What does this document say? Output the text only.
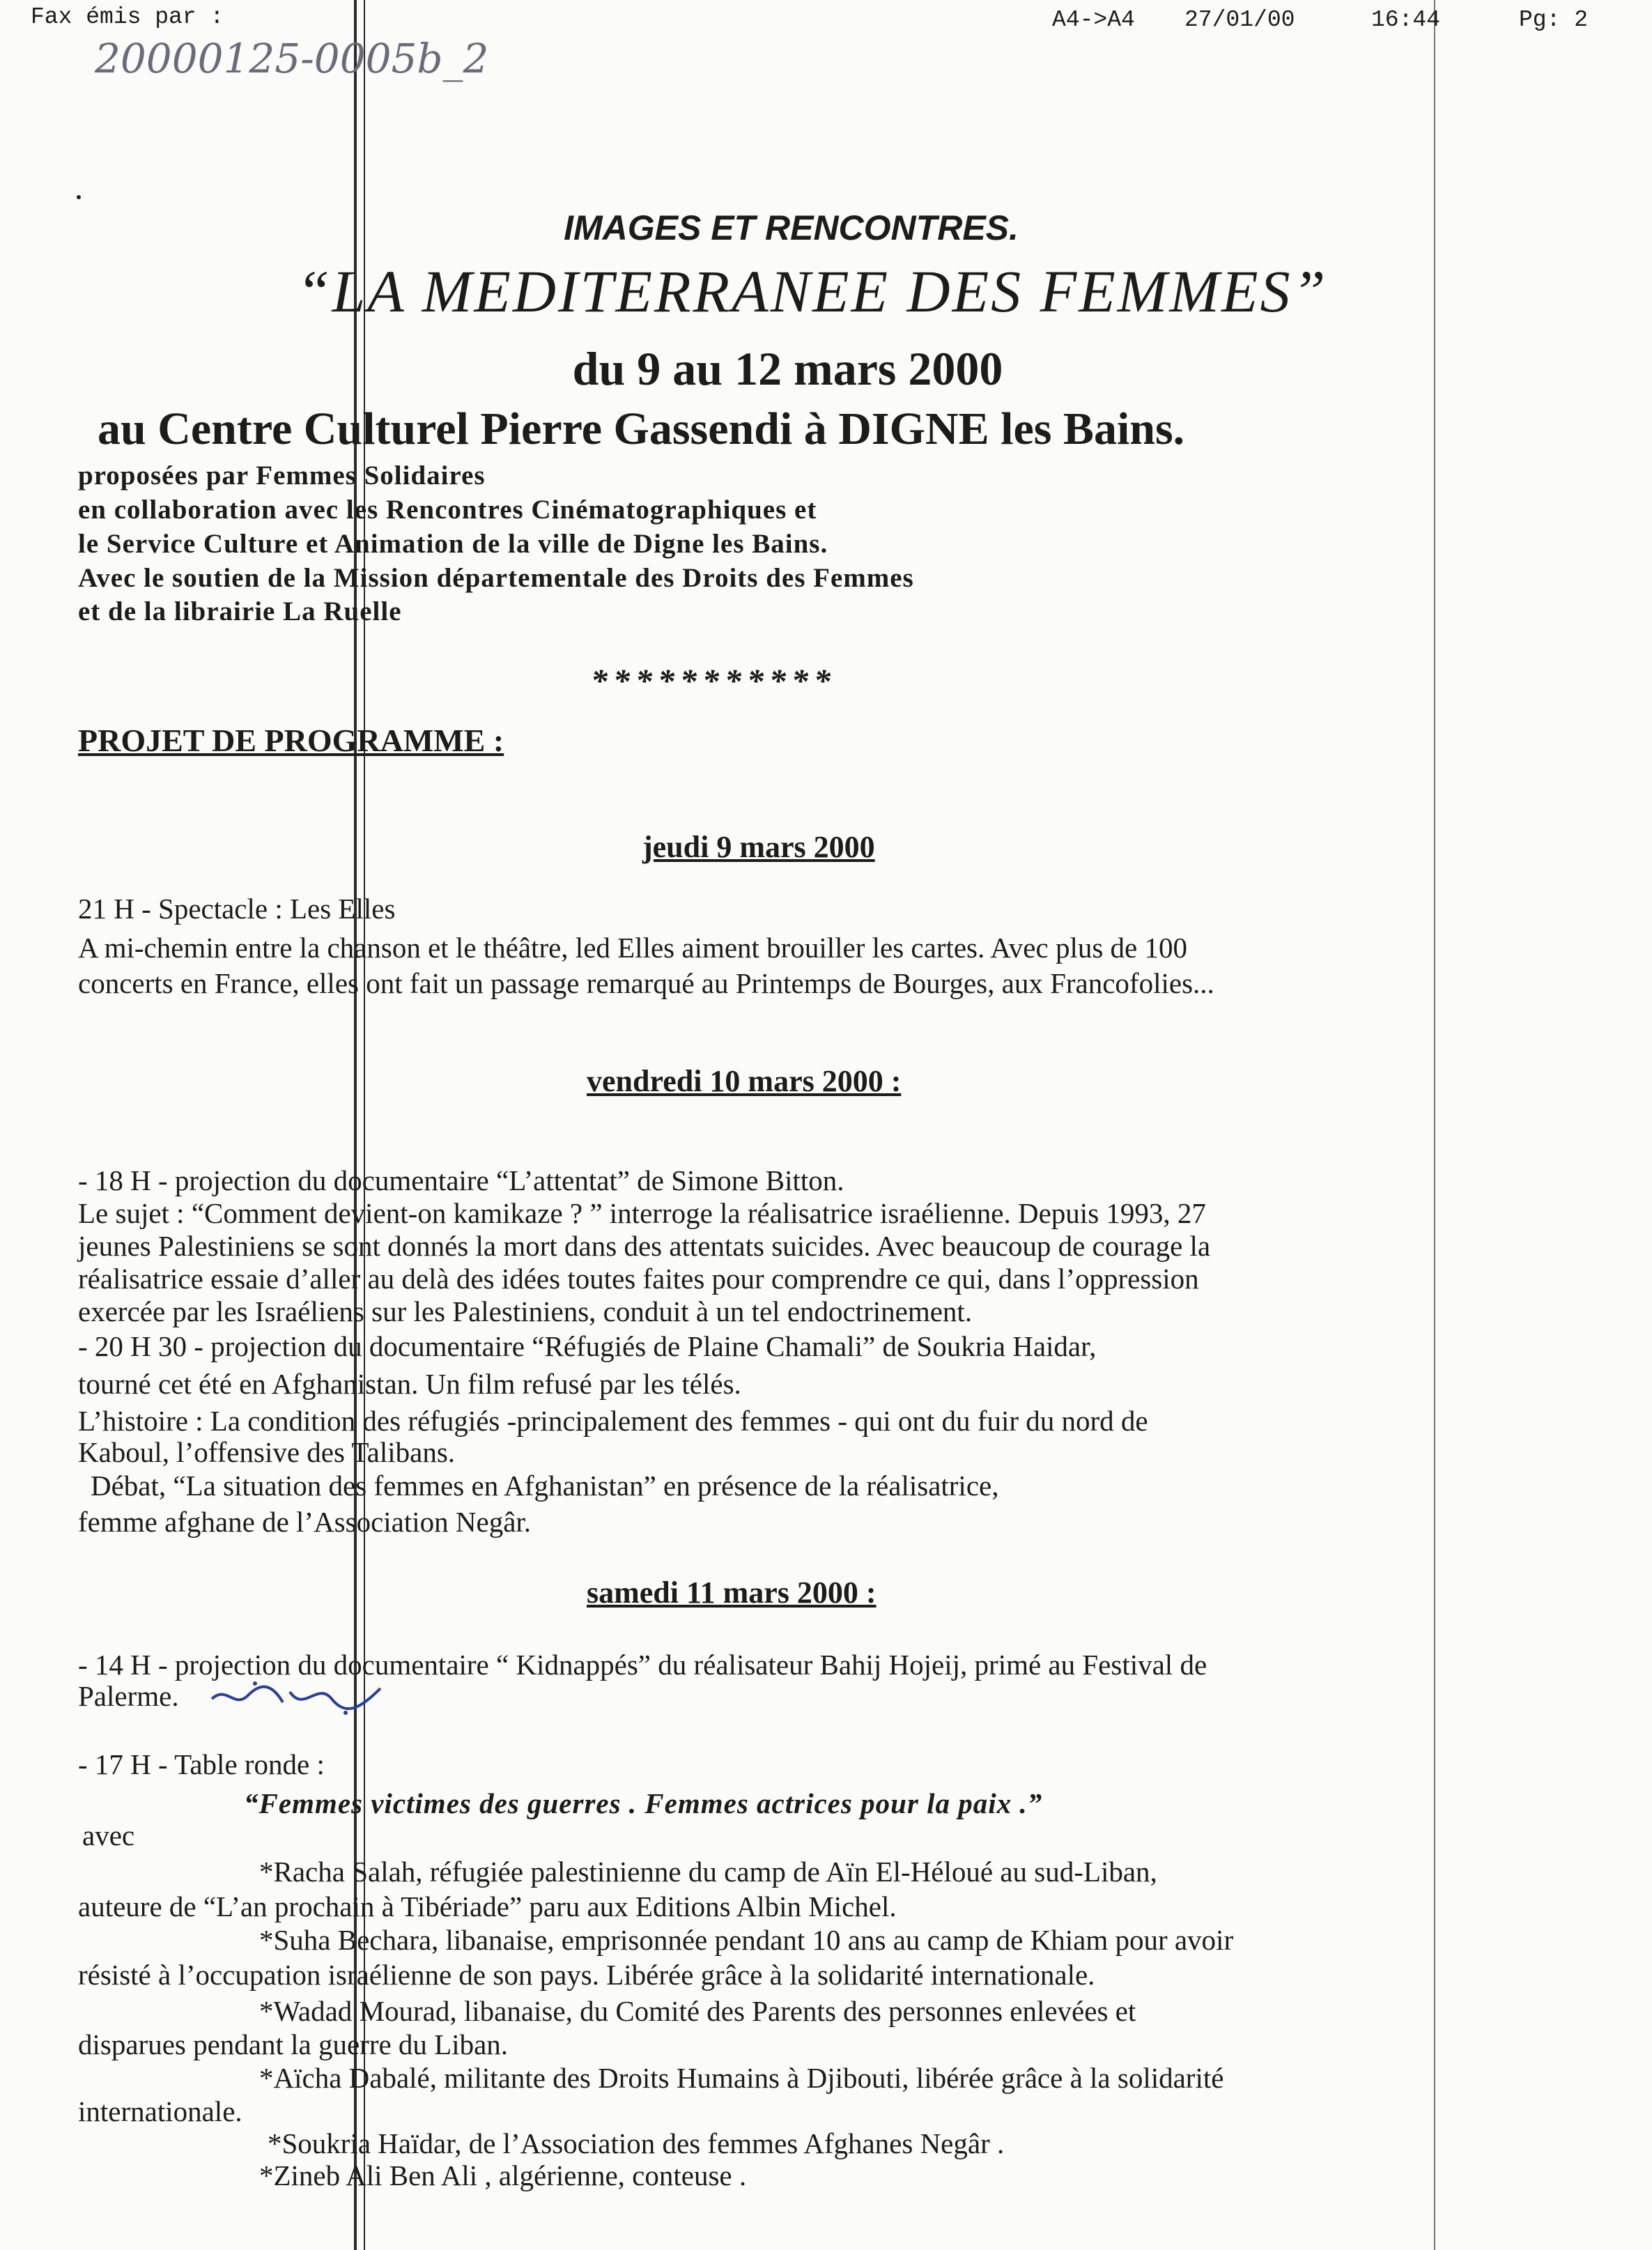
Fax émis par :	A4->A4 27/01/00	16:44	Pg: 2
20000125-0005b_2
IMAGES ET RENCONTRES.
“LA MEDITERRANEE DES FEMMES”
du 9 au 12 mars 2000
au Centre Culturel Pierre Gassendi à DIGNE les Bains.
proposées par Femmes Solidaires
en collaboration avec les Rencontres Cinématographiques et
le Service Culture et Animation de la ville de Digne les Bains.
Avec le soutien de la Mission départementale des Droits des Femmes
et de la librairie La Ruelle
***********
PROJET DE PROGRAMME :
jeudi 9 mars 2000
21 H - Spectacle : Les Elles
A mi-chemin entre la chanson et le théâtre, led Elles aiment brouiller les cartes. Avec plus de 100
concerts en France, elles ont fait un passage remarqué au Printemps de Bourges, aux Francofolies...
vendredi 10 mars 2000 :
- 18 H - projection du documentaire “L’attentat” de Simone Bitton.
Le sujet : “Comment devient-on kamikaze ? ” interroge la réalisatrice israélienne. Depuis 1993, 27
jeunes Palestiniens se sont donnés la mort dans des attentats suicides. Avec beaucoup de courage la
réalisatrice essaie d’aller au delà des idées toutes faites pour comprendre ce qui, dans l’oppression
exercée par les Israéliens sur les Palestiniens, conduit à un tel endoctrinement.
- 20 H 30 - projection du documentaire “Réfugiés de Plaine Chamali” de Soukria Haidar,
tourné cet été en Afghanistan. Un film refusé par les télés.
L’histoire : La condition des réfugiés -principalement des femmes - qui ont du fuir du nord de
Kaboul, l’offensive des Talibans.
Débat, “La situation des femmes en Afghanistan” en présence de la réalisatrice,
femme afghane de l’Association Negâr.
samedi 11 mars 2000 :
- 14 H - projection du documentaire “ Kidnappés” du réalisateur Bahij Hojeij, primé au Festival de
Palerme.
- 17 H - Table ronde :
“Femmes victimes des guerres . Femmes actrices pour la paix .”
avec
*Racha Salah, réfugiée palestinienne du camp de Aïn El-Héloué au sud-Liban,
auteure de “L’an prochain à Tibériade” paru aux Editions Albin Michel.
*Suha Bechara, libanaise, emprisonnée pendant 10 ans au camp de Khiam pour avoir
résisté à l’occupation israélienne de son pays. Libérée grâce à la solidarité internationale.
*Wadad Mourad, libanaise, du Comité des Parents des personnes enlevées et
disparues pendant la guerre du Liban.
*Aïcha Dabalé, militante des Droits Humains à Djibouti, libérée grâce à la solidarité
internationale.
*Soukria Haïdar, de l’Association des femmes Afghanes Negâr .
*Zineb Ali Ben Ali , algérienne, conteuse .
